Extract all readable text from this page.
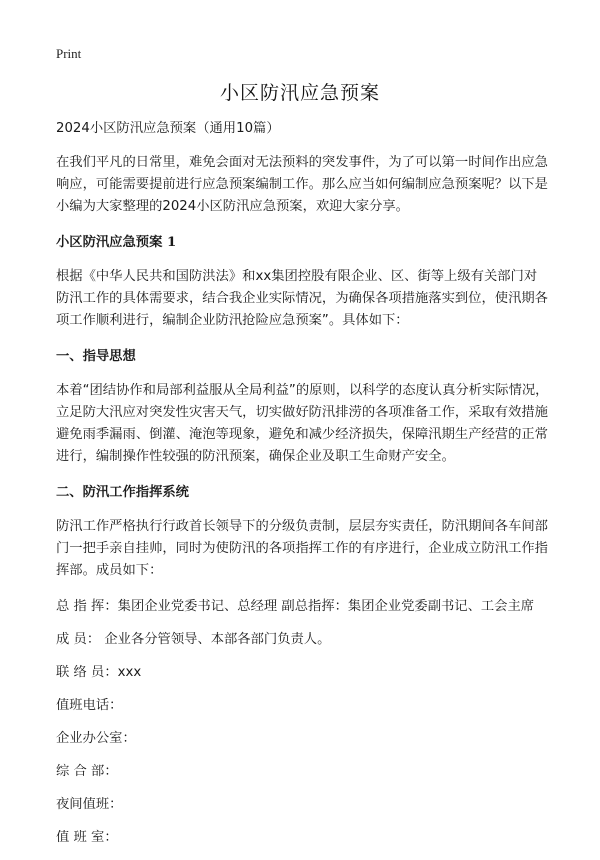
Print
小区防汛应急预案

2024小区防汛应急预案（通用10篇）

在我们平凡的日常里，难免会面对无法预料的突发事件，为了可以第一时间作出应急响应，可能需要提前进行应急预案编制工作。那么应当如何编制应急预案呢？以下是小编为大家整理的2024小区防汛应急预案，欢迎大家分享。

小区防汛应急预案 1

根据《中华人民共和国防洪法》和xx集团控股有限企业、区、街等上级有关部门对防汛工作的具体需要求，结合我企业实际情况，为确保各项措施落实到位，使汛期各项工作顺利进行，编制企业防汛抢险应急预案”。具体如下：

一、指导思想

本着“团结协作和局部利益服从全局利益”的原则，以科学的态度认真分析实际情况，立足防大汛应对突发性灾害天气，切实做好防汛排涝的各项准备工作，采取有效措施避免雨季漏雨、倒灌、淹泡等现象，避免和减少经济损失，保障汛期生产经营的正常进行，编制操作性较强的防汛预案，确保企业及职工生命财产安全。

二、防汛工作指挥系统

防汛工作严格执行行政首长领导下的分级负责制，层层夯实责任，防汛期间各车间部门一把手亲自挂帅，同时为使防汛的各项指挥工作的有序进行，企业成立防汛工作指挥部。成员如下：

总 指 挥：集团企业党委书记、总经理 副总指挥：集团企业党委副书记、工会主席

成 员： 企业各分管领导、本部各部门负责人。

联 络 员：xxx

值班电话：

企业办公室：

综 合 部：

夜间值班：

值 班 室：
